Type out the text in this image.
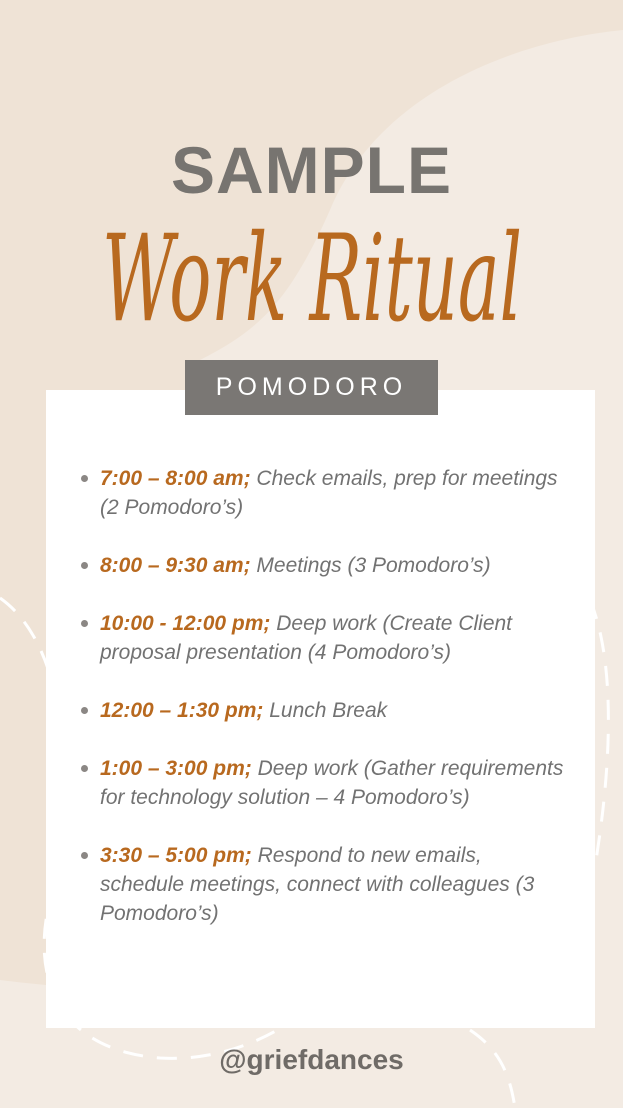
SAMPLE
Work Ritual
POMODORO
7:00 – 8:00 am; Check emails, prep for meetings (2 Pomodoro’s)
8:00 – 9:30 am; Meetings (3 Pomodoro’s)
10:00 - 12:00 pm; Deep work (Create Client proposal presentation (4 Pomodoro’s)
12:00 – 1:30 pm; Lunch Break
1:00 – 3:00 pm; Deep work (Gather requirements for technology solution – 4 Pomodoro’s)
3:30 – 5:00 pm; Respond to new emails, schedule meetings, connect with colleagues (3 Pomodoro’s)
@griefdances
